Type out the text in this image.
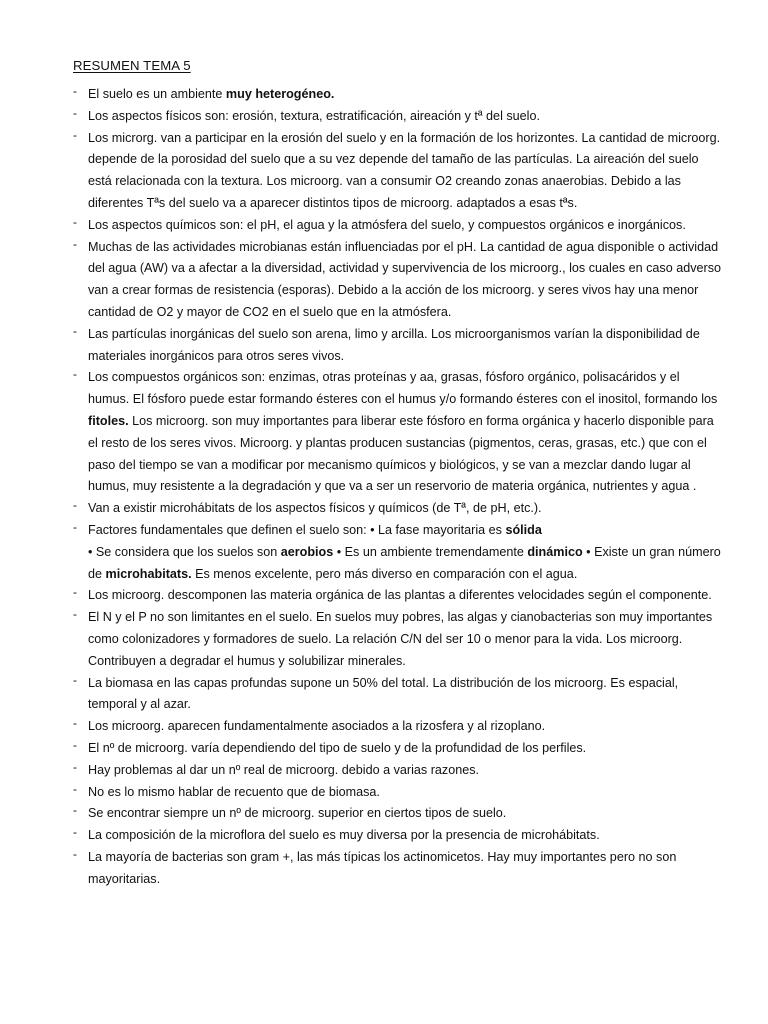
RESUMEN TEMA 5
- El suelo es un ambiente muy heterogéneo.
- Los aspectos físicos son: erosión, textura, estratificación, aireación y tª del suelo.
- Los microrg. van a participar en la erosión del suelo y en la formación de los horizontes. La cantidad de microorg. depende de la porosidad del suelo que a su vez depende del tamaño de las partículas. La aireación del suelo está relacionada con la textura. Los microorg. van a consumir O2 creando zonas anaerobias. Debido a las diferentes Tªs del suelo va a aparecer distintos tipos de microorg. adaptados a esas tªs.
- Los aspectos químicos son: el pH, el agua y la atmósfera del suelo, y compuestos orgánicos e inorgánicos.
- Muchas de las actividades microbianas están influenciadas por el pH. La cantidad de agua disponible o actividad del agua (AW) va a afectar a la diversidad, actividad y supervivencia de los microorg., los cuales en caso adverso van a crear formas de resistencia (esporas). Debido a la acción de los microorg. y seres vivos hay una menor cantidad de O2 y mayor de CO2 en el suelo que en la atmósfera.
- Las partículas inorgánicas del suelo son arena, limo y arcilla. Los microorganismos varían la disponibilidad de materiales inorgánicos para otros seres vivos.
- Los compuestos orgánicos son: enzimas, otras proteínas y aa, grasas, fósforo orgánico, polisacáridos y el humus. El fósforo puede estar formando ésteres con el humus y/o formando ésteres con el inositol, formando los fitoles. Los microorg. son muy importantes para liberar este fósforo en forma orgánica y hacerlo disponible para el resto de los seres vivos. Microorg. y plantas producen sustancias (pigmentos, ceras, grasas, etc.) que con el paso del tiempo se van a modificar por mecanismo químicos y biológicos, y se van a mezclar dando lugar al humus, muy resistente a la degradación y que va a ser un reservorio de materia orgánica, nutrientes y agua .
- Van a existir microhábitats de los aspectos físicos y químicos (de Tª, de pH, etc.).
- Factores fundamentales que definen el suelo son: • La fase mayoritaria es sólida
• Se considera que los suelos son aerobios • Es un ambiente tremendamente dinámico • Existe un gran número de microhabitats. Es menos excelente, pero más diverso en comparación con el agua.
- Los microorg. descomponen las materia orgánica de las plantas a diferentes velocidades según el componente.
- El N y el P no son limitantes en el suelo. En suelos muy pobres, las algas y cianobacterias son muy importantes como colonizadores y formadores de suelo. La relación C/N del ser 10 o menor para la vida. Los microorg. Contribuyen a degradar el humus y solubilizar minerales.
- La biomasa en las capas profundas supone un 50% del total. La distribución de los microorg. Es espacial, temporal y al azar.
- Los microorg. aparecen fundamentalmente asociados a la rizosfera y al rizoplano.
- El nº de microorg. varía dependiendo del tipo de suelo y de la profundidad de los perfiles.
- Hay problemas al dar un nº real de microorg. debido a varias razones.
- No es lo mismo hablar de recuento que de biomasa.
- Se encontrar siempre un nº de microorg. superior en ciertos tipos de suelo.
- La composición de la microflora del suelo es muy diversa por la presencia de microhábitats.
- La mayoría de bacterias son gram +, las más típicas los actinomicetos. Hay muy importantes pero no son mayoritarias.
